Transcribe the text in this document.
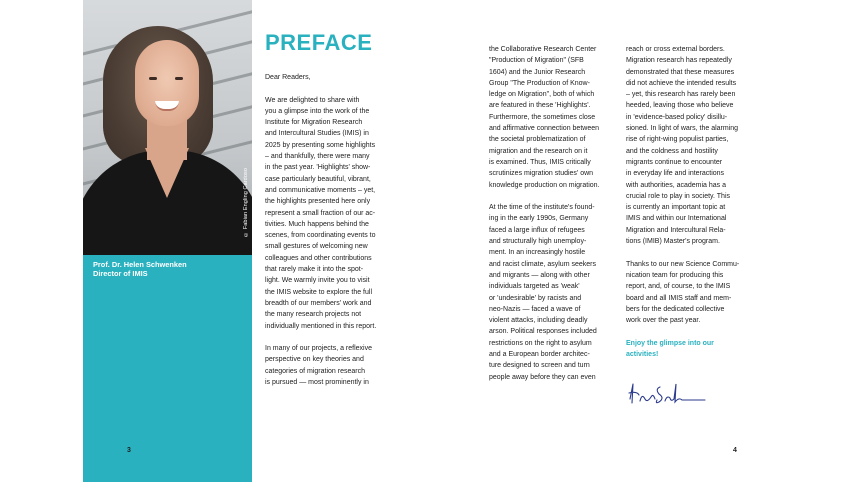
© Fabian Engling Cardoso
Prof. Dr. Helen Schwenken
Director of IMIS
3
PREFACE

Dear Readers,

We are delighted to share with
you a glimpse into the work of the
Institute for Migration Research
and Intercultural Studies (IMIS) in
2025 by presenting some highlights
– and thankfully, there were many
in the past year. 'Highlights' show-
case particularly beautiful, vibrant,
and communicative moments – yet,
the highlights presented here only
represent a small fraction of our ac-
tivities. Much happens behind the
scenes, from coordinating events to
small gestures of welcoming new
colleagues and other contributions
that rarely make it into the spot-
light. We warmly invite you to visit
the IMIS website to explore the full
breadth of our members' work and
the many research projects not
individually mentioned in this report.

In many of our projects, a reflexive
perspective on key theories and
categories of migration research
is pursued — most prominently in

the Collaborative Research Center
"Production of Migration" (SFB
1604) and the Junior Research
Group "The Production of Know-
ledge on Migration", both of which
are featured in these 'Highlights'.
Furthermore, the sometimes close
and affirmative connection between
the societal problematization of
migration and the research on it
is examined. Thus, IMIS critically
scrutinizes migration studies' own
knowledge production on migration.

At the time of the institute's found-
ing in the early 1990s, Germany
faced a large influx of refugees
and structurally high unemploy-
ment. In an increasingly hostile
and racist climate, asylum seekers
and migrants — along with other
individuals targeted as 'weak'
or 'undesirable' by racists and
neo-Nazis — faced a wave of
violent attacks, including deadly
arson. Political responses included
restrictions on the right to asylum
and a European border architec-
ture designed to screen and turn
people away before they can even

reach or cross external borders.
Migration research has repeatedly
demonstrated that these measures
did not achieve the intended results
– yet, this research has rarely been
heeded, leaving those who believe
in 'evidence-based policy' disillu-
sioned. In light of wars, the alarming
rise of right-wing populist parties,
and the coldness and hostility
migrants continue to encounter
in everyday life and interactions
with authorities, academia has a
crucial role to play in society. This
is currently an important topic at
IMIS and within our International
Migration and Intercultural Rela-
tions (IMIB) Master's program.

Thanks to our new Science Commu-
nication team for producing this
report, and, of course, to the IMIS
board and all IMIS staff and mem-
bers for the dedicated collective
work over the past year.

Enjoy the glimpse into our activities!

4
